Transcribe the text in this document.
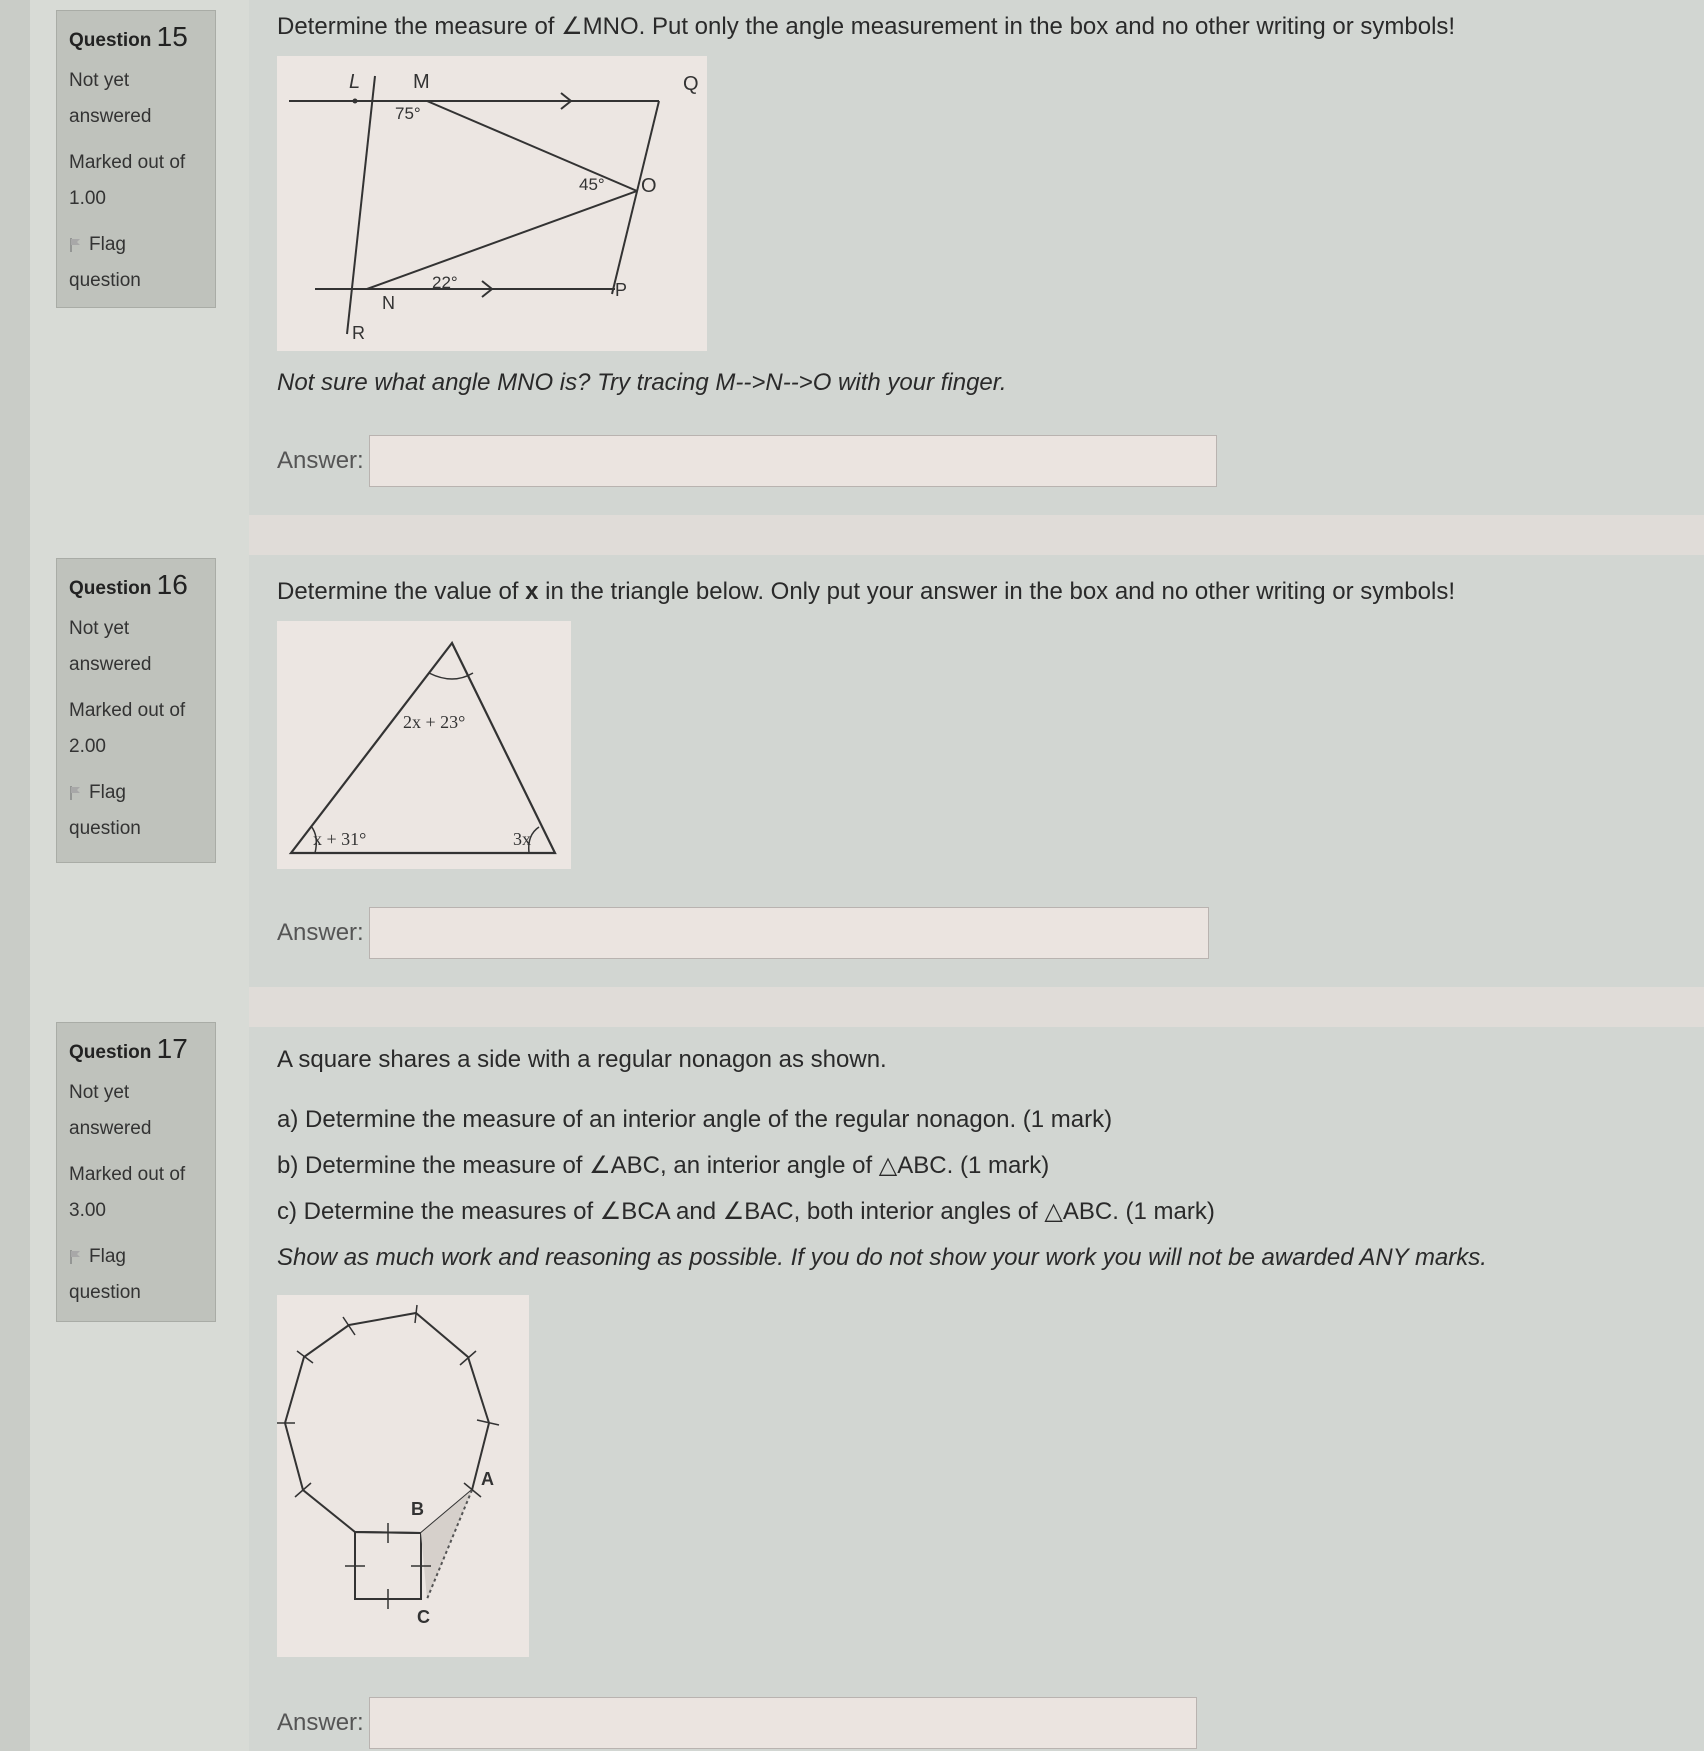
Question 15
Not yet
answered
Marked out of
1.00
Flag
question
Determine the measure of ∠MNO. Put only the angle measurement in the box and no other writing or symbols!
L	M	Q
O
P
N
R
75°
45°
22°
Not sure what angle MNO is? Try tracing M-->N-->O with your finger.
Answer:
Question 16
Not yet
answered
Marked out of
2.00
Flag
question
Determine the value of x in the triangle below. Only put your answer in the box and no other writing or symbols!
2x + 23°
x + 31°	3x
Answer:
Question 17
Not yet
answered
Marked out of
3.00
Flag
question
A square shares a side with a regular nonagon as shown.
a) Determine the measure of an interior angle of the regular nonagon. (1 mark)
b) Determine the measure of ∠ABC, an interior angle of △ABC. (1 mark)
c) Determine the measures of ∠BCA and ∠BAC, both interior angles of △ABC. (1 mark)
Show as much work and reasoning as possible. If you do not show your work you will not be awarded ANY marks.
A
B
C
Answer:
